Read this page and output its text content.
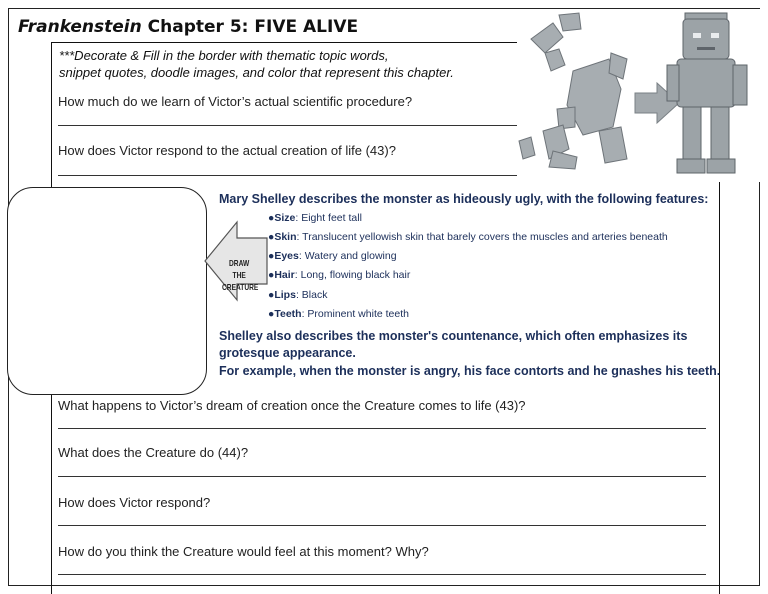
Frankenstein Chapter 5: FIVE ALIVE
***Decorate & Fill in the border with thematic topic words,
snippet quotes, doodle images, and color that represent this chapter.
How much do we learn of Victor’s actual scientific procedure?
How does Victor respond to the actual creation of life (43)?
What happens to Victor’s dream of creation once the Creature comes to life (43)?
What does the Creature do (44)?
How does Victor respond?
How do you think the Creature would feel at this moment? Why?
DRAW THE
CREATURE
Mary Shelley describes the monster as hideously ugly, with the following features:
●Size: Eight feet tall
●Skin: Translucent yellowish skin that barely covers the muscles and arteries beneath
●Eyes: Watery and glowing
●Hair: Long, flowing black hair
●Lips: Black
●Teeth: Prominent white teeth
Shelley also describes the monster's countenance, which often emphasizes its
grotesque appearance.
For example, when the monster is angry, his face contorts and he gnashes his teeth.
